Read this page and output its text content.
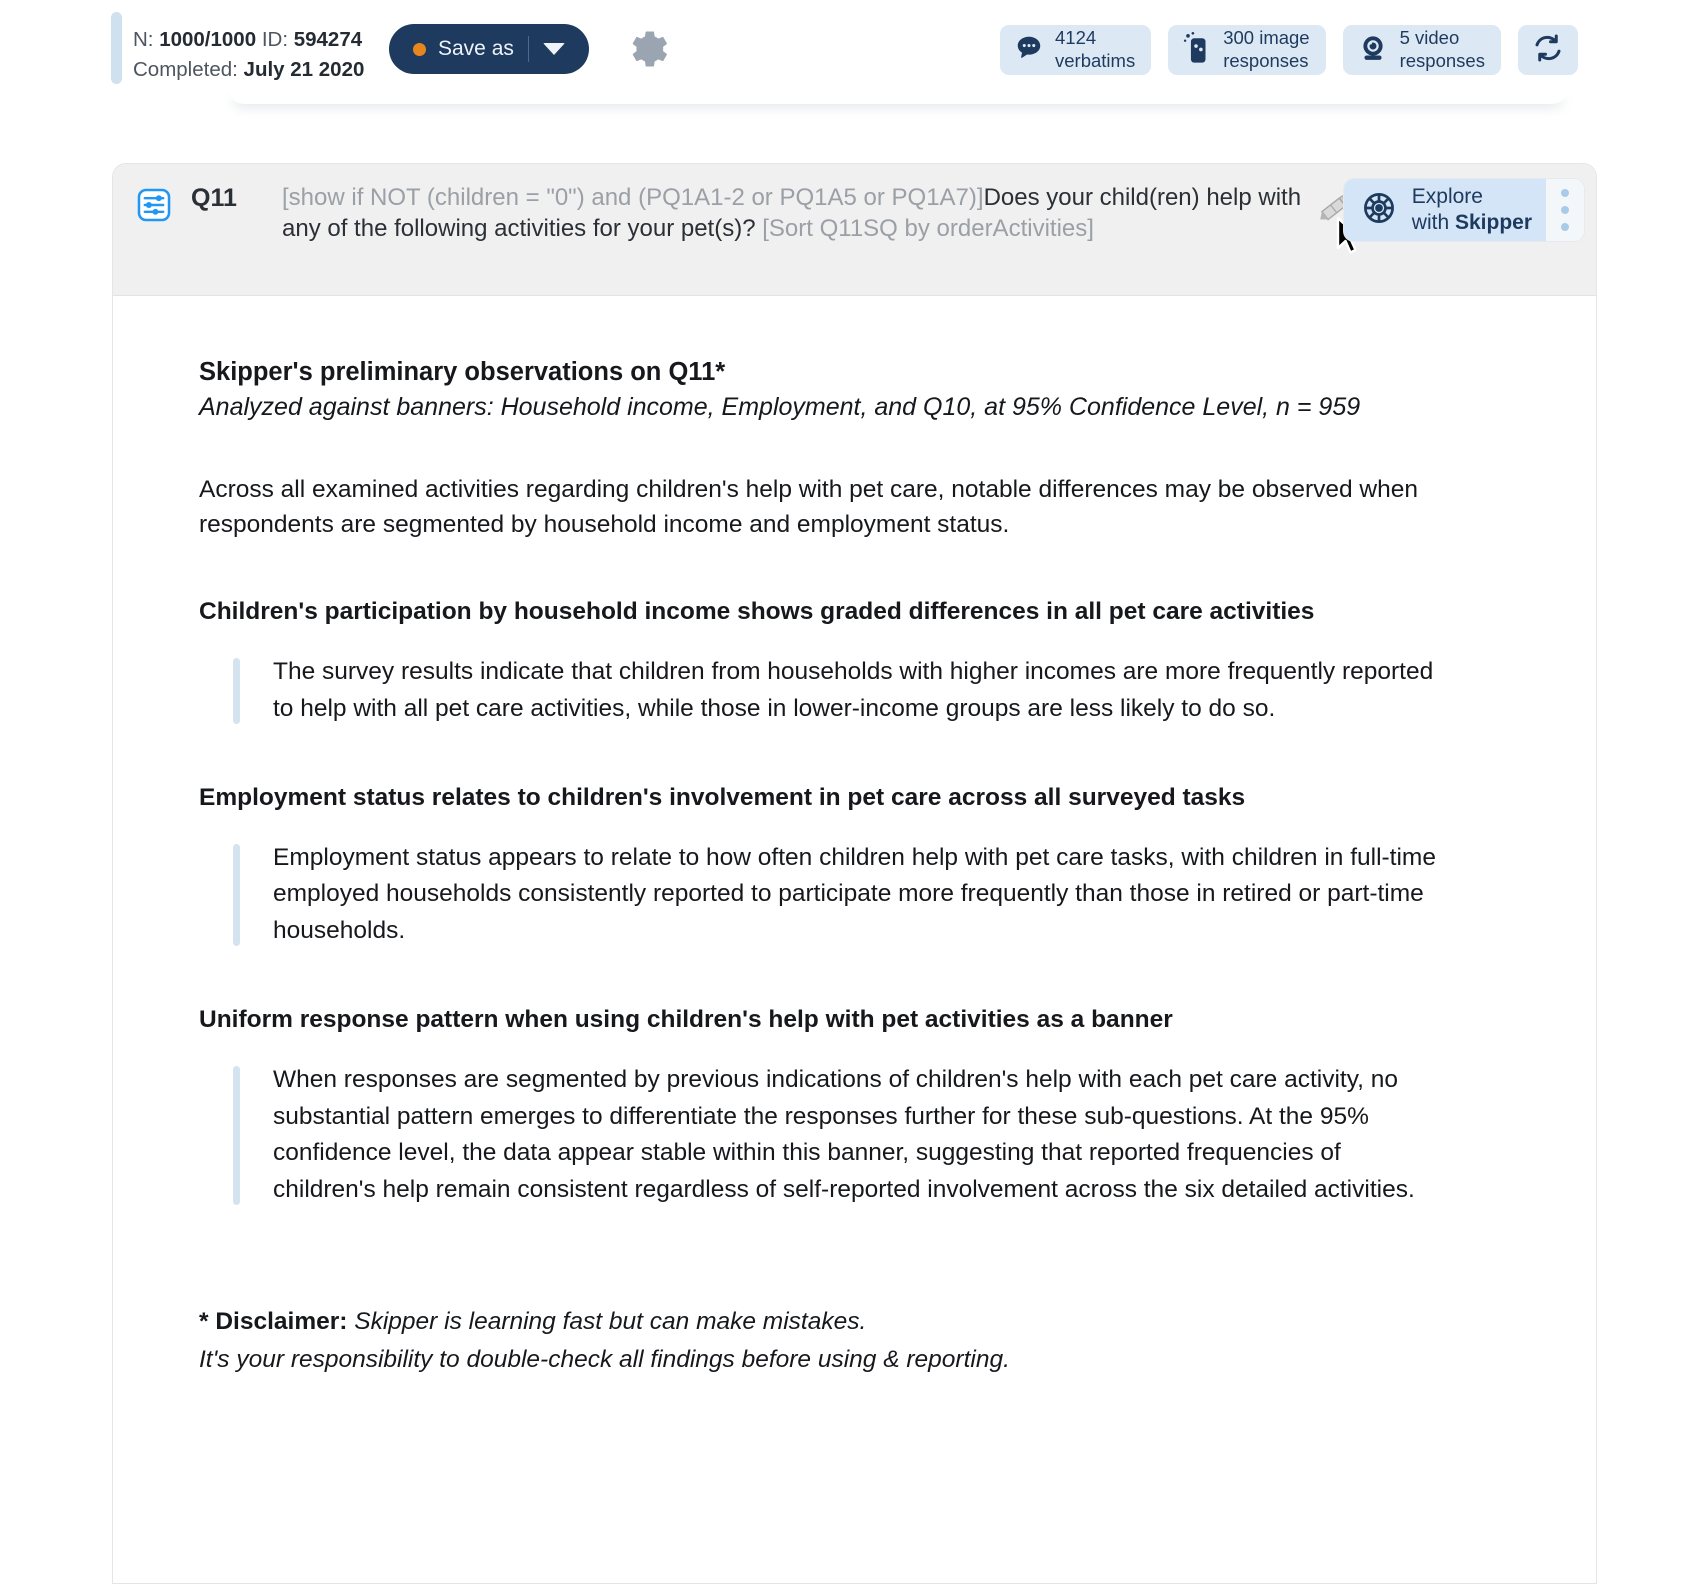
N: 1000/1000 ID: 594274
Completed: July 21 2020
Save as	4124
verbatims
300 image
responses
5 video
responses
Q11 [show if NOT (children = "0") and (PQ1A1-2 or PQ1A5 or PQ1A7)]Does your child(ren) help with any of the following activities for your pet(s)? [Sort Q11SQ by orderActivities]
Explore
with Skipper
Skipper's preliminary observations on Q11*

Analyzed against banners: Household income, Employment, and Q10, at 95% Confidence Level, n = 959

Across all examined activities regarding children's help with pet care, notable differences may be observed when respondents are segmented by household income and employment status.

Children's participation by household income shows graded differences in all pet care activities
The survey results indicate that children from households with higher incomes are more frequently reported to help with all pet care activities, while those in lower-income groups are less likely to do so.
Employment status relates to children's involvement in pet care across all surveyed tasks
Employment status appears to relate to how often children help with pet care tasks, with children in full-time employed households consistently reported to participate more frequently than those in retired or part-time households.
Uniform response pattern when using children's help with pet activities as a banner
When responses are segmented by previous indications of children's help with each pet care activity, no substantial pattern emerges to differentiate the responses further for these sub-questions. At the 95% confidence level, the data appear stable within this banner, suggesting that reported frequencies of children's help remain consistent regardless of self-reported involvement across the six detailed activities.
* Disclaimer: Skipper is learning fast but can make mistakes.
It's your responsibility to double-check all findings before using & reporting.
